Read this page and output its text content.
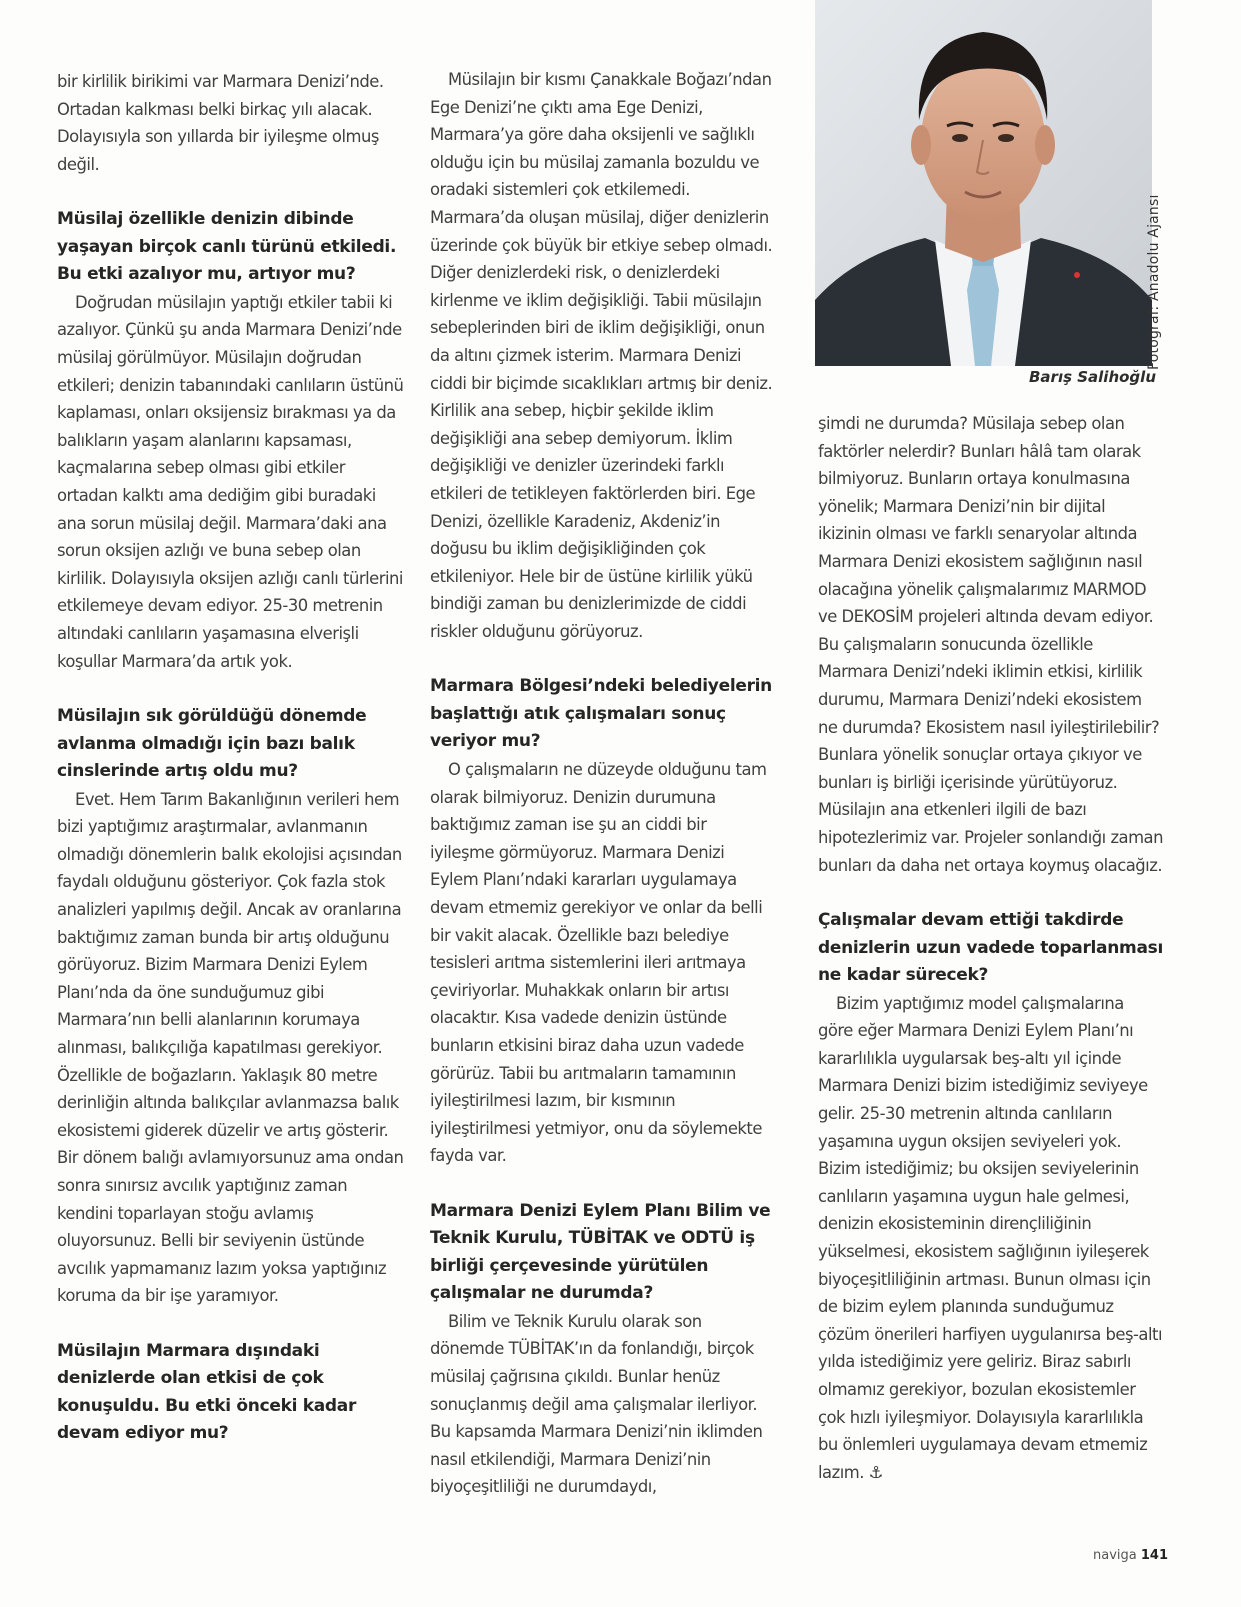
bir kirlilik birikimi var Marmara Denizi’nde. Ortadan kalkması belki birkaç yılı alacak. Dolayısıyla son yıllarda bir iyileşme olmuş değil.

Müsilaj özellikle denizin dibinde yaşayan birçok canlı türünü etkiledi. Bu etki azalıyor mu, artıyor mu?

Doğrudan müsilajın yaptığı etkiler tabii ki azalıyor. Çünkü şu anda Marmara Denizi’nde müsilaj görülmüyor. Müsilajın doğrudan etkileri; denizin tabanındaki canlıların üstünü kaplaması, onları oksijensiz bırakması ya da balıkların yaşam alanlarını kapsaması, kaçmalarına sebep olması gibi etkiler ortadan kalktı ama dediğim gibi buradaki ana sorun müsilaj değil. Marmara’daki ana sorun oksijen azlığı ve buna sebep olan kirlilik. Dolayısıyla oksijen azlığı canlı türlerini etkilemeye devam ediyor. 25-30 metrenin altındaki canlıların yaşamasına elverişli koşullar Marmara’da artık yok.

Müsilajın sık görüldüğü dönemde avlanma olmadığı için bazı balık cinslerinde artış oldu mu?

Evet. Hem Tarım Bakanlığının verileri hem bizi yaptığımız araştırmalar, avlanmanın olmadığı dönemlerin balık ekolojisi açısından faydalı olduğunu gösteriyor. Çok fazla stok analizleri yapılmış değil. Ancak av oranlarına baktığımız zaman bunda bir artış olduğunu görüyoruz. Bizim Marmara Denizi Eylem Planı’nda da öne sunduğumuz gibi Marmara’nın belli alanlarının korumaya alınması, balıkçılığa kapatılması gerekiyor. Özellikle de boğazların. Yaklaşık 80 metre derinliğin altında balıkçılar avlanmazsa balık ekosistemi giderek düzelir ve artış gösterir. Bir dönem balığı avlamıyorsunuz ama ondan sonra sınırsız avcılık yaptığınız zaman kendini toparlayan stoğu avlamış oluyorsunuz. Belli bir seviyenin üstünde avcılık yapmamanız lazım yoksa yaptığınız koruma da bir işe yaramıyor.

Müsilajın Marmara dışındaki denizlerde olan etkisi de çok konuşuldu. Bu etki önceki kadar devam ediyor mu?

Müsilajın bir kısmı Çanakkale Boğazı’ndan Ege Denizi’ne çıktı ama Ege Denizi, Marmara’ya göre daha oksijenli ve sağlıklı olduğu için bu müsilaj zamanla bozuldu ve oradaki sistemleri çok etkilemedi. Marmara’da oluşan müsilaj, diğer denizlerin üzerinde çok büyük bir etkiye sebep olmadı. Diğer denizlerdeki risk, o denizlerdeki kirlenme ve iklim değişikliği. Tabii müsilajın sebeplerinden biri de iklim değişikliği, onun da altını çizmek isterim. Marmara Denizi ciddi bir biçimde sıcaklıkları artmış bir deniz. Kirlilik ana sebep, hiçbir şekilde iklim değişikliği ana sebep demiyorum. İklim değişikliği ve denizler üzerindeki farklı etkileri de tetikleyen faktörlerden biri. Ege Denizi, özellikle Karadeniz, Akdeniz’in doğusu bu iklim değişikliğinden çok etkileniyor. Hele bir de üstüne kirlilik yükü bindiği zaman bu denizlerimizde de ciddi riskler olduğunu görüyoruz.

Marmara Bölgesi’ndeki belediyelerin başlattığı atık çalışmaları sonuç veriyor mu?

O çalışmaların ne düzeyde olduğunu tam olarak bilmiyoruz. Denizin durumuna baktığımız zaman ise şu an ciddi bir iyileşme görmüyoruz. Marmara Denizi Eylem Planı’ndaki kararları uygulamaya devam etmemiz gerekiyor ve onlar da belli bir vakit alacak. Özellikle bazı belediye tesisleri arıtma sistemlerini ileri arıtmaya çeviriyorlar. Muhakkak onların bir artısı olacaktır. Kısa vadede denizin üstünde bunların etkisini biraz daha uzun vadede görürüz. Tabii bu arıtmaların tamamının iyileştirilmesi lazım, bir kısmının iyileştirilmesi yetmiyor, onu da söylemekte fayda var.

Marmara Denizi Eylem Planı Bilim ve Teknik Kurulu, TÜBİTAK ve ODTÜ iş birliği çerçevesinde yürütülen çalışmalar ne durumda?

Bilim ve Teknik Kurulu olarak son dönemde TÜBİTAK’ın da fonlandığı, birçok müsilaj çağrısına çıkıldı. Bunlar henüz sonuçlanmış değil ama çalışmalar ilerliyor. Bu kapsamda Marmara Denizi’nin iklimden nasıl etkilendiği, Marmara Denizi’nin biyoçeşitliliği ne durumdaydı,

Fotoğraf: Anadolu Ajansı
Barış Salihoğlu

şimdi ne durumda? Müsilaja sebep olan faktörler nelerdir? Bunları hâlâ tam olarak bilmiyoruz. Bunların ortaya konulmasına yönelik; Marmara Denizi’nin bir dijital ikizinin olması ve farklı senaryolar altında Marmara Denizi ekosistem sağlığının nasıl olacağına yönelik çalışmalarımız MARMOD ve DEKOSİM projeleri altında devam ediyor. Bu çalışmaların sonucunda özellikle Marmara Denizi’ndeki iklimin etkisi, kirlilik durumu, Marmara Denizi’ndeki ekosistem ne durumda? Ekosistem nasıl iyileştirilebilir? Bunlara yönelik sonuçlar ortaya çıkıyor ve bunları iş birliği içerisinde yürütüyoruz. Müsilajın ana etkenleri ilgili de bazı hipotezlerimiz var. Projeler sonlandığı zaman bunları da daha net ortaya koymuş olacağız.

Çalışmalar devam ettiği takdirde denizlerin uzun vadede toparlanması ne kadar sürecek?

Bizim yaptığımız model çalışmalarına göre eğer Marmara Denizi Eylem Planı’nı kararlılıkla uygularsak beş-altı yıl içinde Marmara Denizi bizim istediğimiz seviyeye gelir. 25-30 metrenin altında canlıların yaşamına uygun oksijen seviyeleri yok. Bizim istediğimiz; bu oksijen seviyelerinin canlıların yaşamına uygun hale gelmesi, denizin ekosisteminin dirençliliğinin yükselmesi, ekosistem sağlığının iyileşerek biyoçeşitliliğinin artması. Bunun olması için de bizim eylem planında sunduğumuz çözüm önerileri harfiyen uygulanırsa beş-altı yılda istediğimiz yere geliriz. Biraz sabırlı olmamız gerekiyor, bozulan ekosistemler çok hızlı iyileşmiyor. Dolayısıyla kararlılıkla bu önlemleri uygulamaya devam etmemiz lazım. ⚓

naviga 141
